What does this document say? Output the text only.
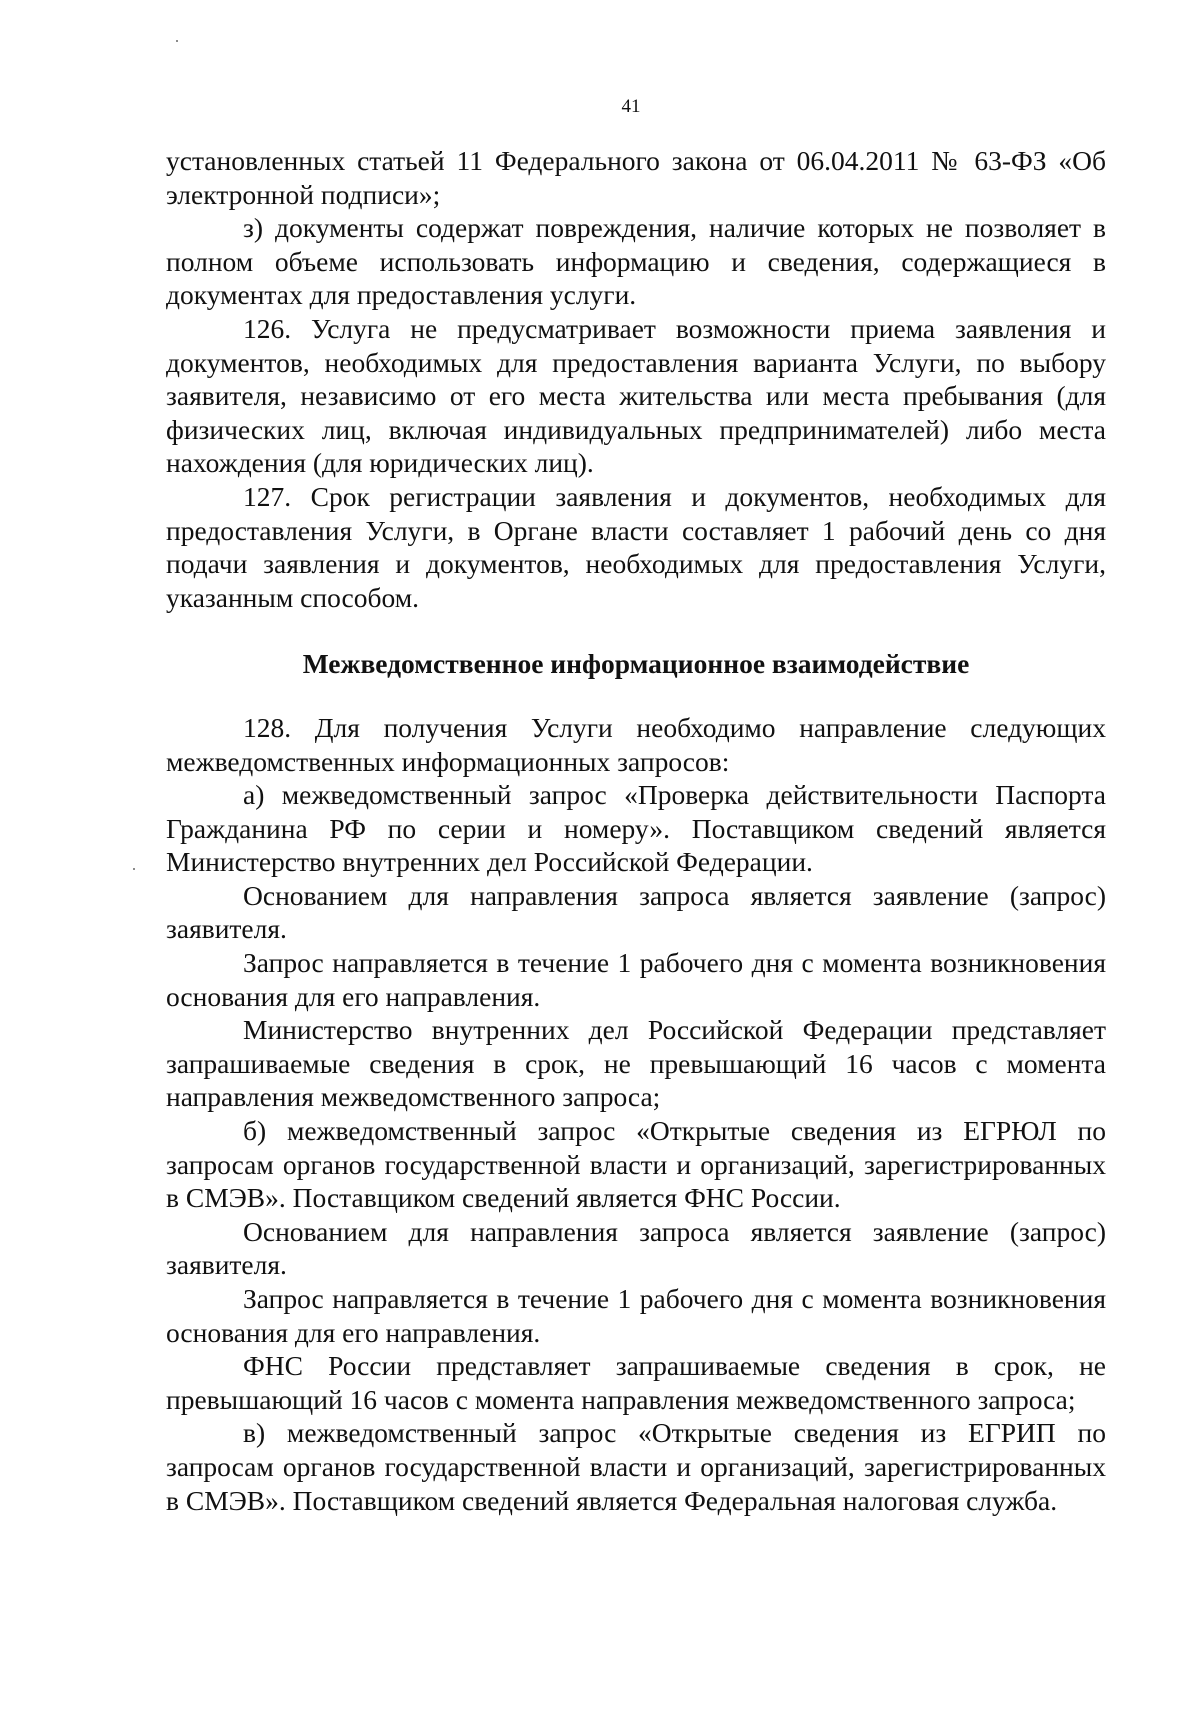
41

установленных статьей 11 Федерального закона от 06.04.2011 № 63-ФЗ «Об электронной подписи»;

з) документы содержат повреждения, наличие которых не позволяет в полном объеме использовать информацию и сведения, содержащиеся в документах для предоставления услуги.

126. Услуга не предусматривает возможности приема заявления и документов, необходимых для предоставления варианта Услуги, по выбору заявителя, независимо от его места жительства или места пребывания (для физических лиц, включая индивидуальных предпринимателей) либо места нахождения (для юридических лиц).

127. Срок регистрации заявления и документов, необходимых для предоставления Услуги, в Органе власти составляет 1 рабочий день со дня подачи заявления и документов, необходимых для предоставления Услуги, указанным способом.

Межведомственное информационное взаимодействие

128. Для получения Услуги необходимо направление следующих межведомственных информационных запросов:

а) межведомственный запрос «Проверка действительности Паспорта Гражданина РФ по серии и номеру». Поставщиком сведений является Министерство внутренних дел Российской Федерации.

Основанием для направления запроса является заявление (запрос) заявителя.

Запрос направляется в течение 1 рабочего дня с момента возникновения основания для его направления.

Министерство внутренних дел Российской Федерации представляет запрашиваемые сведения в срок, не превышающий 16 часов с момента направления межведомственного запроса;

б) межведомственный запрос «Открытые сведения из ЕГРЮЛ по запросам органов государственной власти и организаций, зарегистрированных в СМЭВ». Поставщиком сведений является ФНС России.

Основанием для направления запроса является заявление (запрос) заявителя.

Запрос направляется в течение 1 рабочего дня с момента возникновения основания для его направления.

ФНС России представляет запрашиваемые сведения в срок, не превышающий 16 часов с момента направления межведомственного запроса;

в) межведомственный запрос «Открытые сведения из ЕГРИП по запросам органов государственной власти и организаций, зарегистрированных в СМЭВ». Поставщиком сведений является Федеральная налоговая служба.
